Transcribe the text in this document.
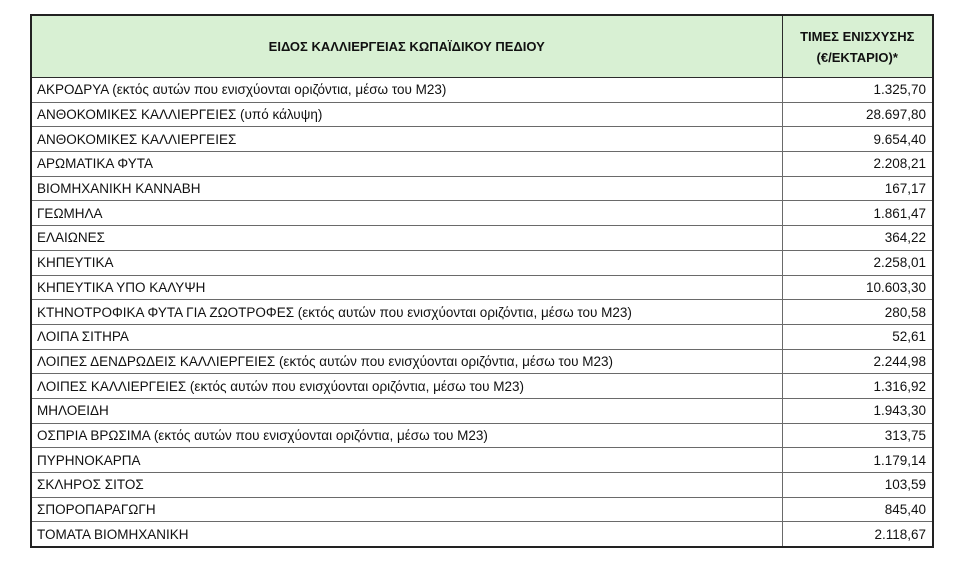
ΕΙΔΟΣ ΚΑΛΛΙΕΡΓΕΙΑΣ ΚΩΠΑΪΔΙΚΟΥ ΠΕΔΙΟΥ	ΤΙΜΕΣ ΕΝΙΣΧΥΣΗΣ
(€/ΕΚΤΑΡΙΟ)*

ΑΚΡΟΔΡΥΑ (εκτός αυτών που ενισχύονται οριζόντια, μέσω του Μ23)	1.325,70
ΑΝΘΟΚΟΜΙΚΕΣ ΚΑΛΛΙΕΡΓΕΙΕΣ (υπό κάλυψη)	28.697,80
ΑΝΘΟΚΟΜΙΚΕΣ ΚΑΛΛΙΕΡΓΕΙΕΣ	9.654,40
ΑΡΩΜΑΤΙΚΑ ΦΥΤΑ	2.208,21
ΒΙΟΜΗΧΑΝΙΚΗ ΚΑΝΝΑΒΗ	167,17
ΓΕΩΜΗΛΑ	1.861,47
ΕΛΑΙΩΝΕΣ	364,22
ΚΗΠΕΥΤΙΚΑ	2.258,01
ΚΗΠΕΥΤΙΚΑ ΥΠΟ ΚΑΛΥΨΗ	10.603,30
ΚΤΗΝΟΤΡΟΦΙΚΑ ΦΥΤΑ ΓΙΑ ΖΩΟΤΡΟΦΕΣ (εκτός αυτών που ενισχύονται οριζόντια, μέσω του Μ23)	280,58
ΛΟΙΠΑ ΣΙΤΗΡΑ	52,61
ΛΟΙΠΕΣ ΔΕΝΔΡΩΔΕΙΣ ΚΑΛΛΙΕΡΓΕΙΕΣ (εκτός αυτών που ενισχύονται οριζόντια, μέσω του Μ23)	2.244,98
ΛΟΙΠΕΣ ΚΑΛΛΙΕΡΓΕΙΕΣ (εκτός αυτών που ενισχύονται οριζόντια, μέσω του Μ23)	1.316,92
ΜΗΛΟΕΙΔΗ	1.943,30
ΟΣΠΡΙΑ ΒΡΩΣΙΜΑ (εκτός αυτών που ενισχύονται οριζόντια, μέσω του Μ23)	313,75
ΠΥΡΗΝΟΚΑΡΠΑ	1.179,14
ΣΚΛΗΡΟΣ ΣΙΤΟΣ	103,59
ΣΠΟΡΟΠΑΡΑΓΩΓΗ	845,40
ΤΟΜΑΤΑ ΒΙΟΜΗΧΑΝΙΚΗ	2.118,67
